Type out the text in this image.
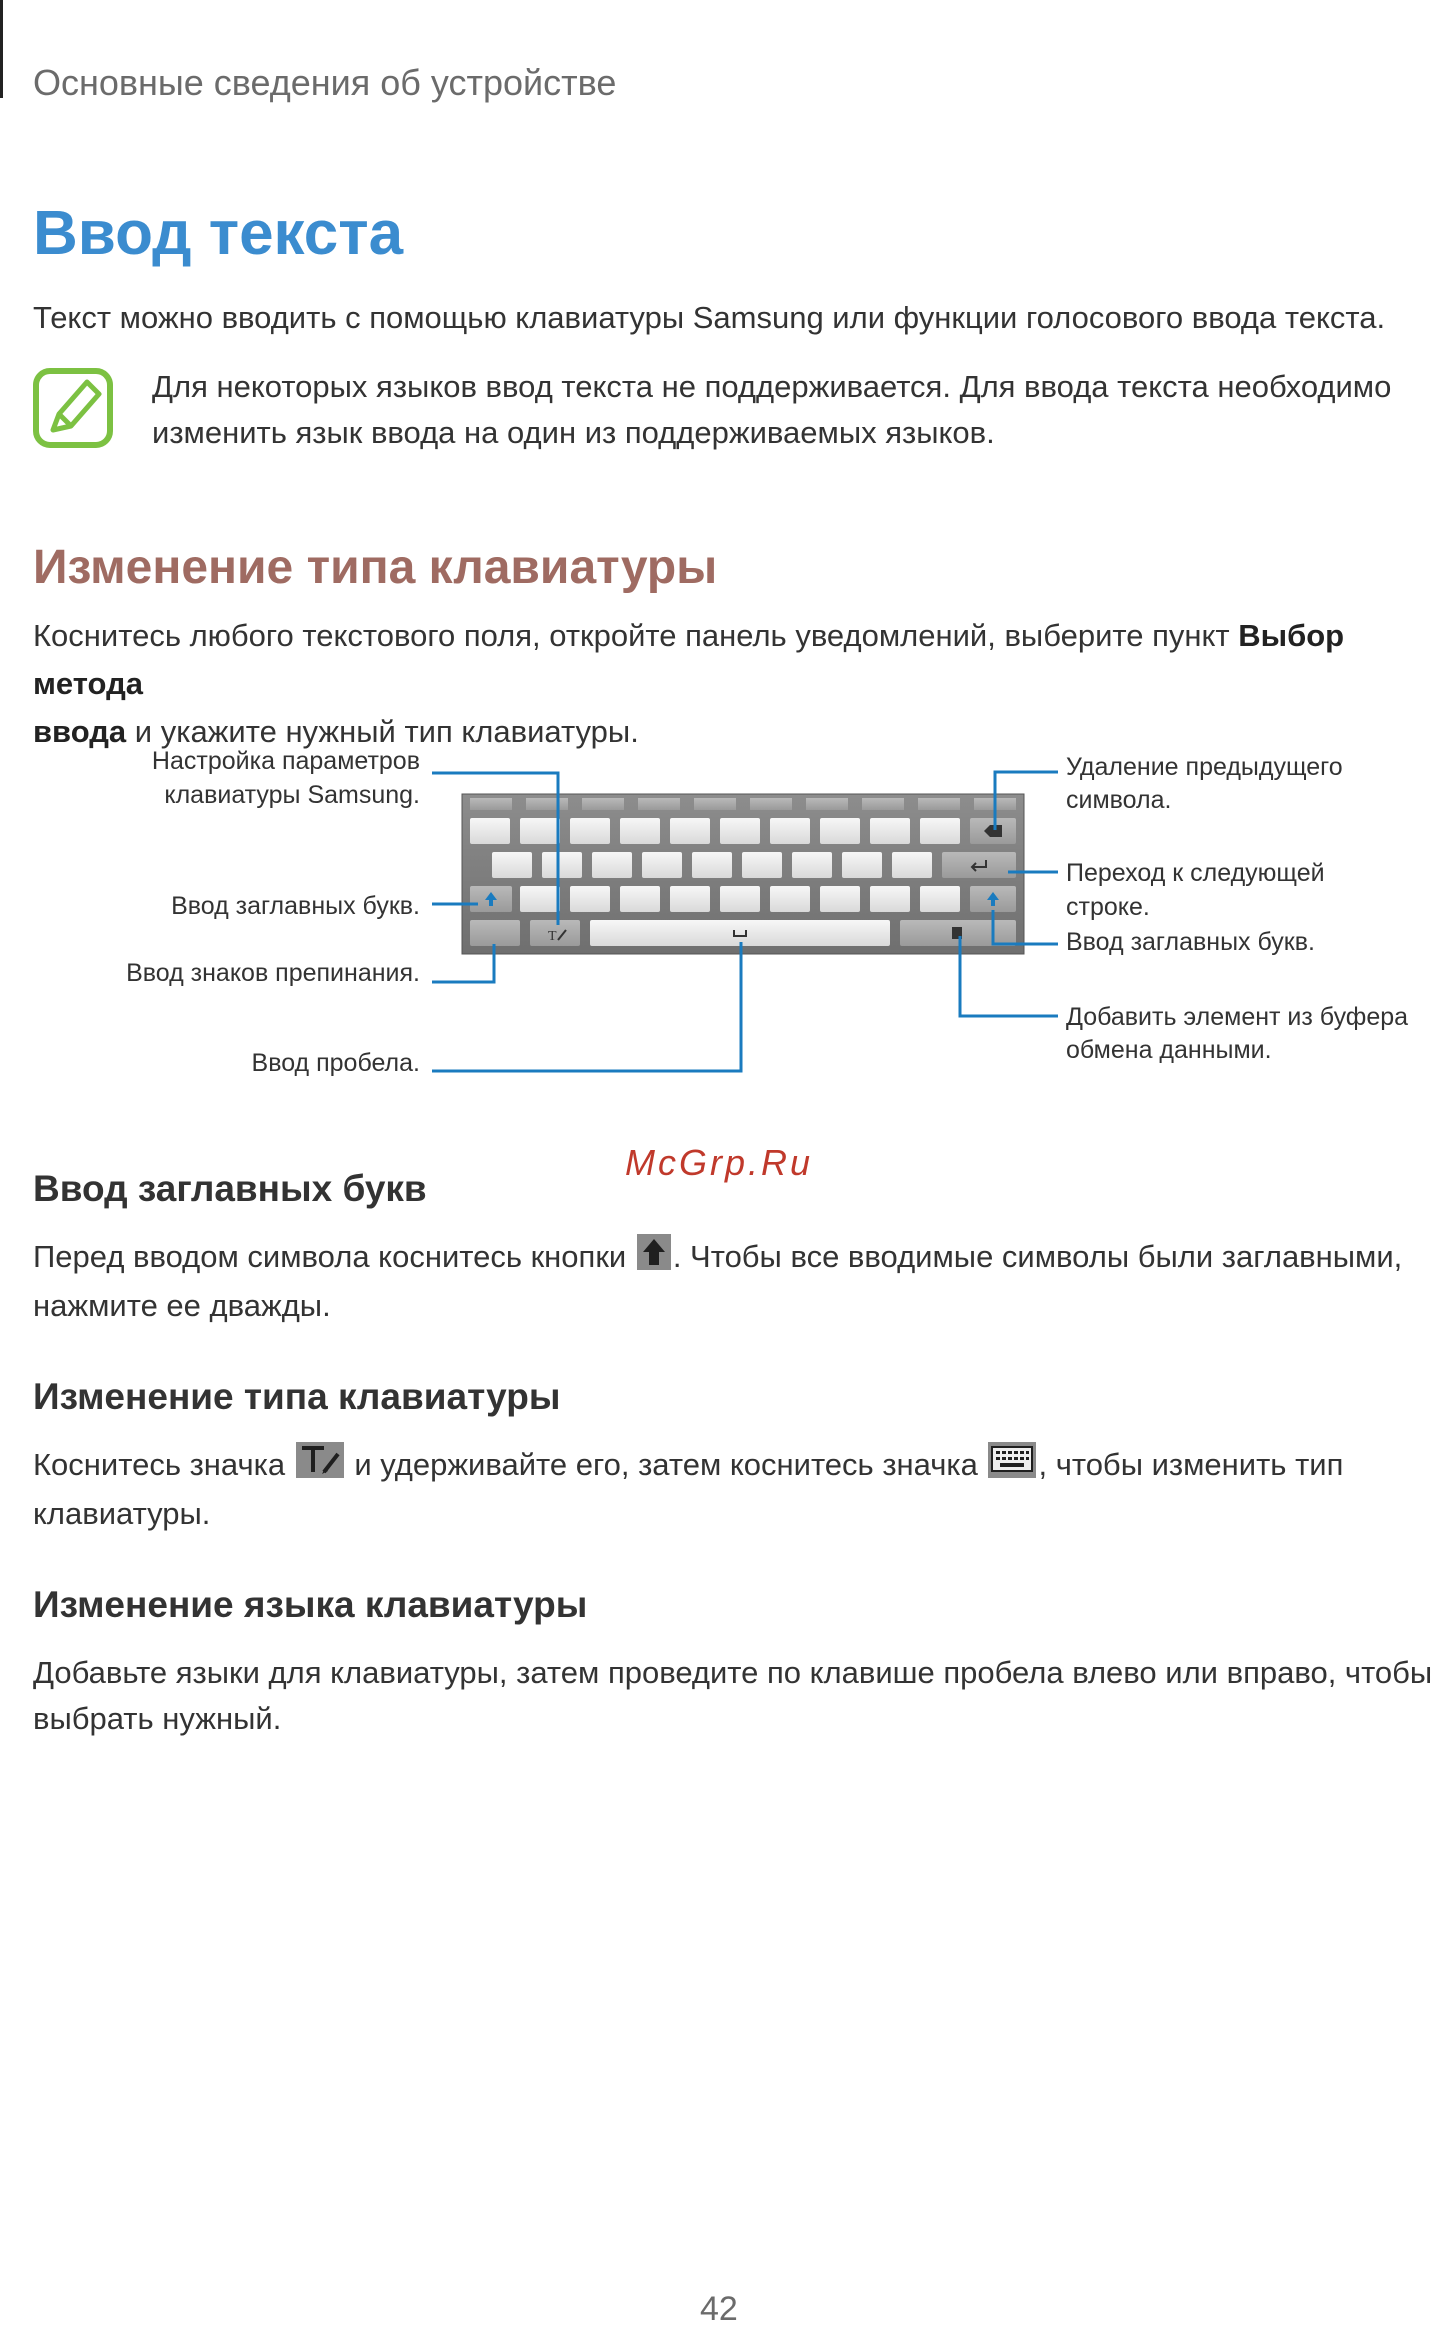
Основные сведения об устройстве
Ввод текста
Текст можно вводить с помощью клавиатуры Samsung или функции голосового ввода текста.
Для некоторых языков ввод текста не поддерживается. Для ввода текста необходимо
изменить язык ввода на один из поддерживаемых языков.
Изменение типа клавиатуры
Коснитесь любого текстового поля, откройте панель уведомлений, выберите пункт Выбор метода
ввода и укажите нужный тип клавиатуры.
T
Настройка параметров
клавиатуры Samsung.
Ввод заглавных букв.
Ввод знаков препинания.
Ввод пробела.
Удаление предыдущего
символа.
Переход к следующей
строке.
Ввод заглавных букв.
Добавить элемент из буфера
обмена данными.
McGrp.Ru
Ввод заглавных букв
Перед вводом символа коснитесь кнопки . Чтобы все вводимые символы были заглавными,
нажмите ее дважды.
Изменение типа клавиатуры
Коснитесь значка  и удерживайте его, затем коснитесь значка , чтобы изменить тип
клавиатуры.
Изменение языка клавиатуры
Добавьте языки для клавиатуры, затем проведите по клавише пробела влево или вправо, чтобы
выбрать нужный.
42
